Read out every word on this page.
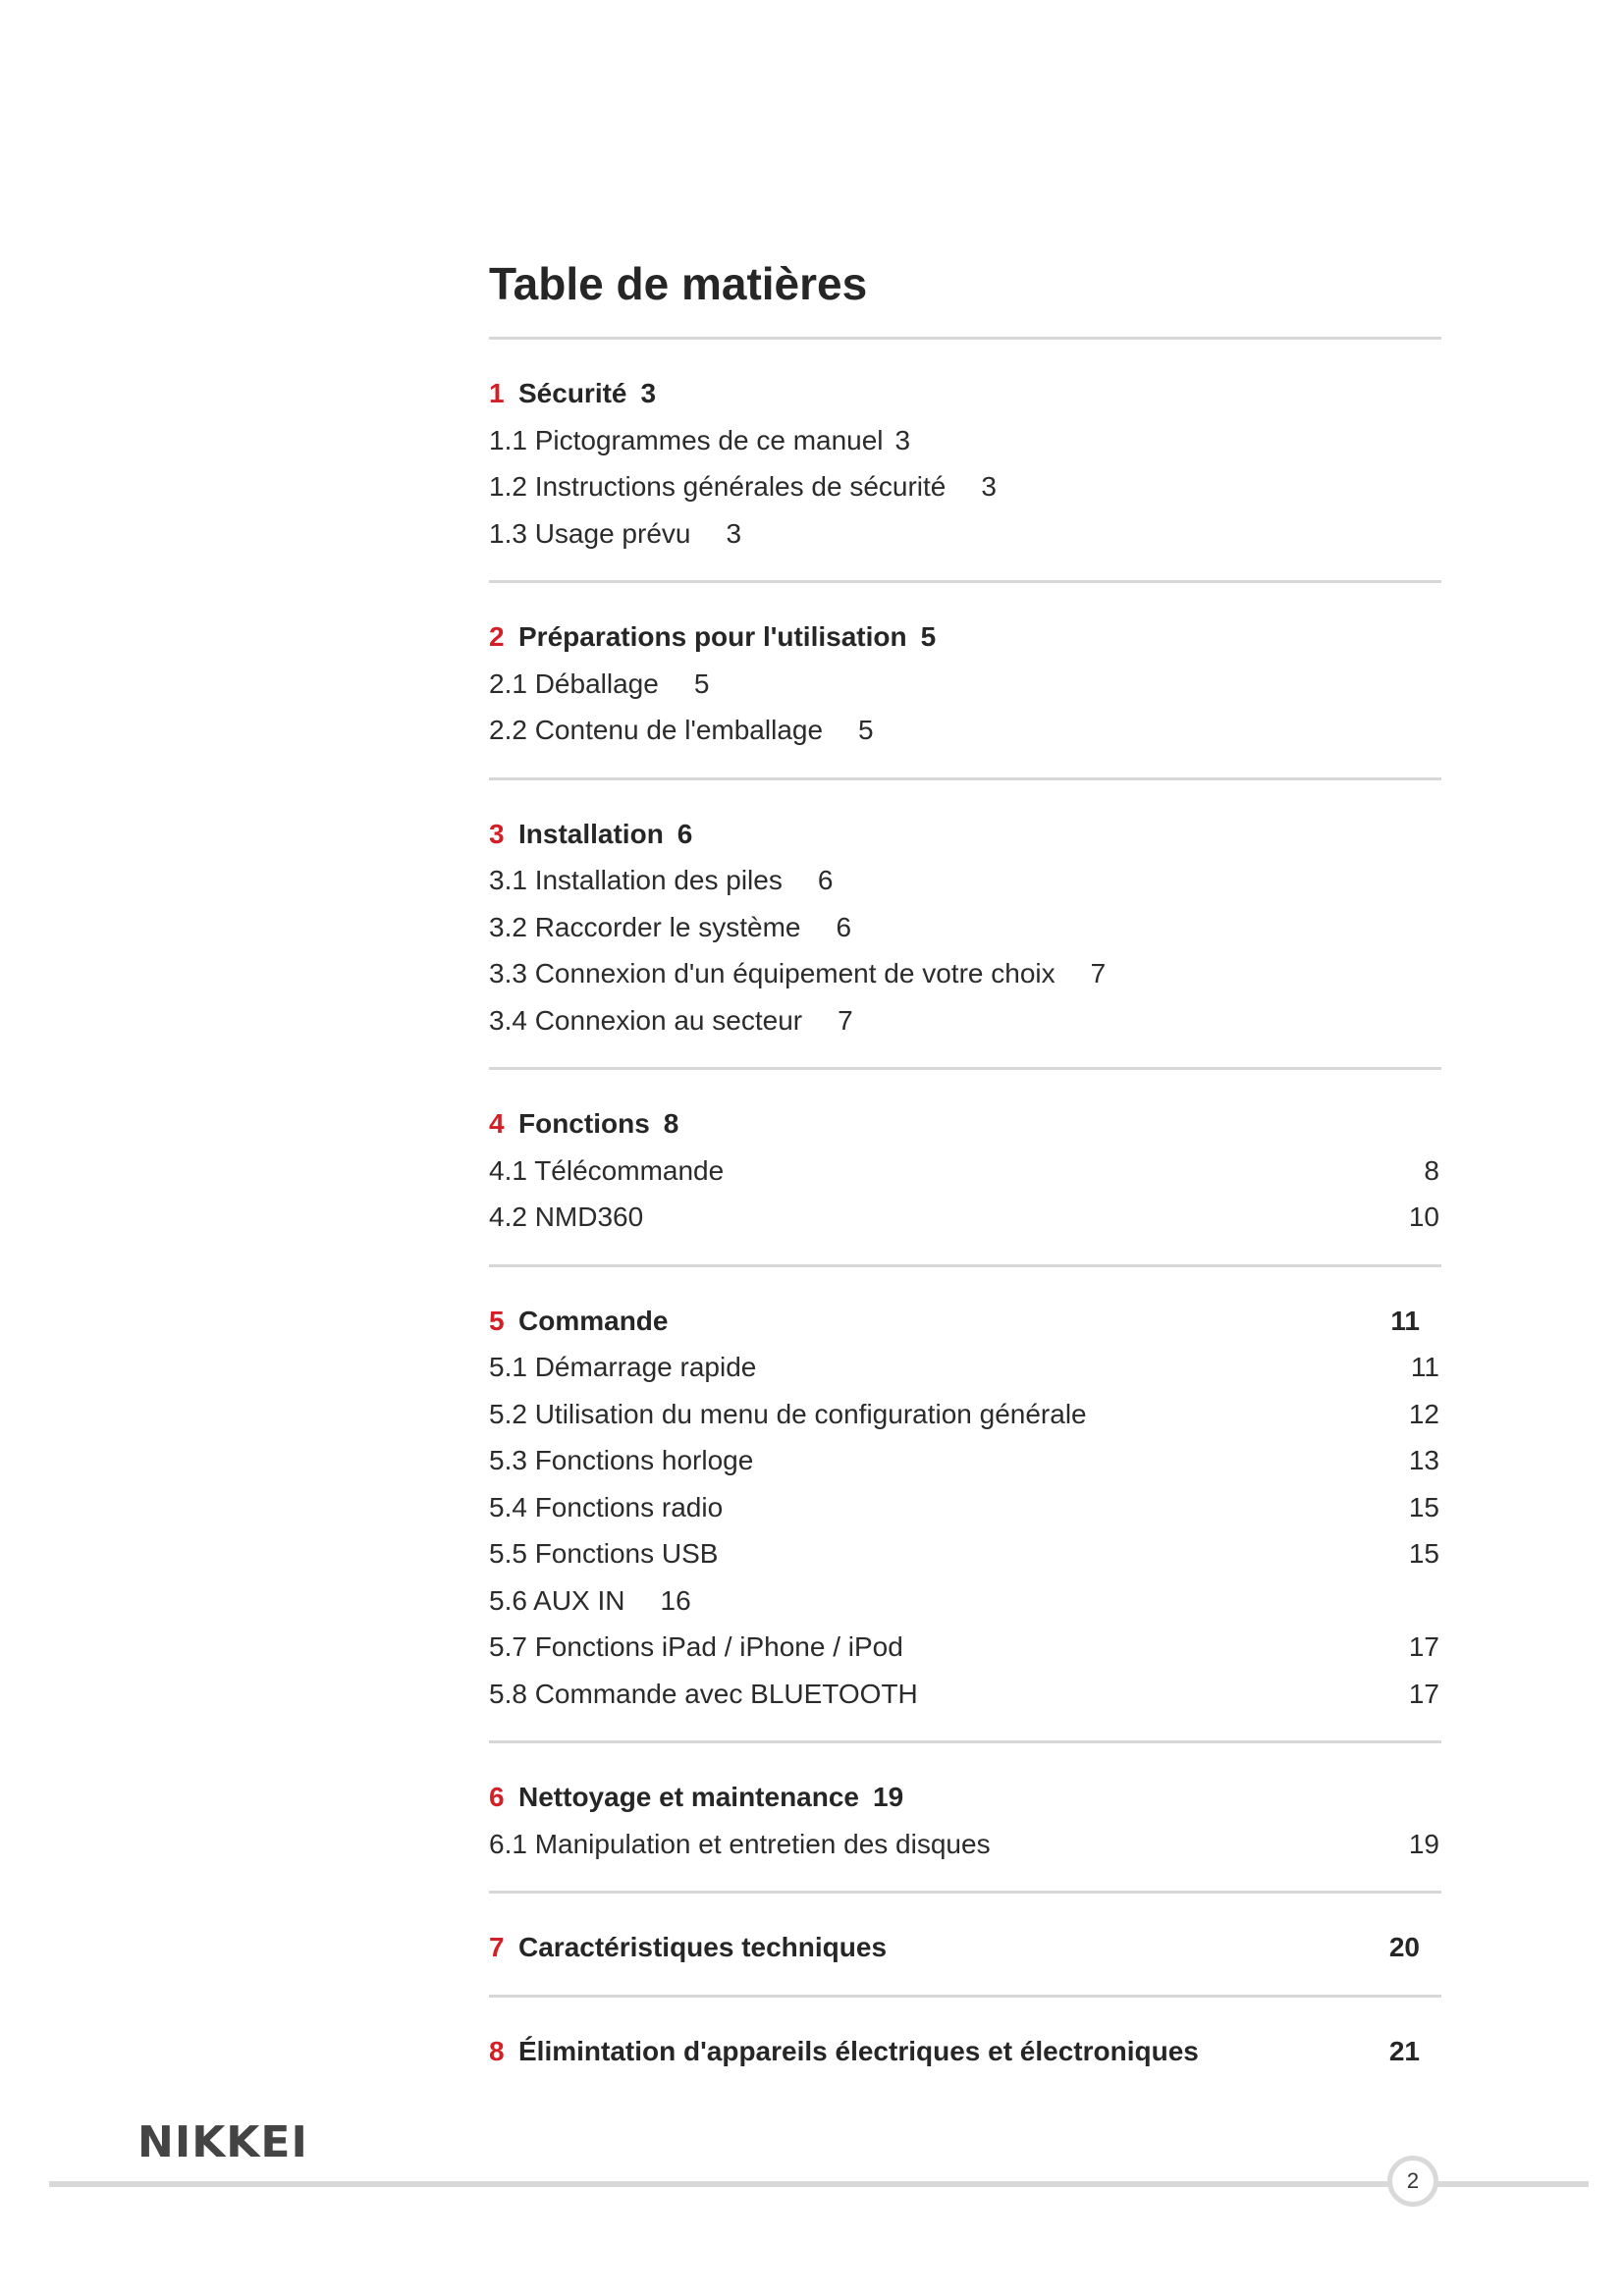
Table de matières
1 Sécurité 3
1.1 Pictogrammes de ce manuel 3
1.2 Instructions générales de sécurité 3
1.3 Usage prévu 3
2 Préparations pour l'utilisation 5
2.1 Déballage 5
2.2 Contenu de l'emballage 5
3 Installation 6
3.1 Installation des piles 6
3.2 Raccorder le système 6
3.3 Connexion d'un équipement de votre choix 7
3.4 Connexion au secteur 7
4 Fonctions 8
4.1 Télécommande	8
4.2 NMD360	10
5 Commande	11
5.1 Démarrage rapide	11
5.2 Utilisation du menu de configuration générale	12
5.3 Fonctions horloge	13
5.4 Fonctions radio	15
5.5 Fonctions USB	15
5.6 AUX IN 16
5.7 Fonctions iPad / iPhone / iPod	17
5.8 Commande avec BLUETOOTH	17
6 Nettoyage et maintenance 19
6.1 Manipulation et entretien des disques	19
7 Caractéristiques techniques	20
8 Élimintation d'appareils électriques et électroniques	21
NIKKEI
2
